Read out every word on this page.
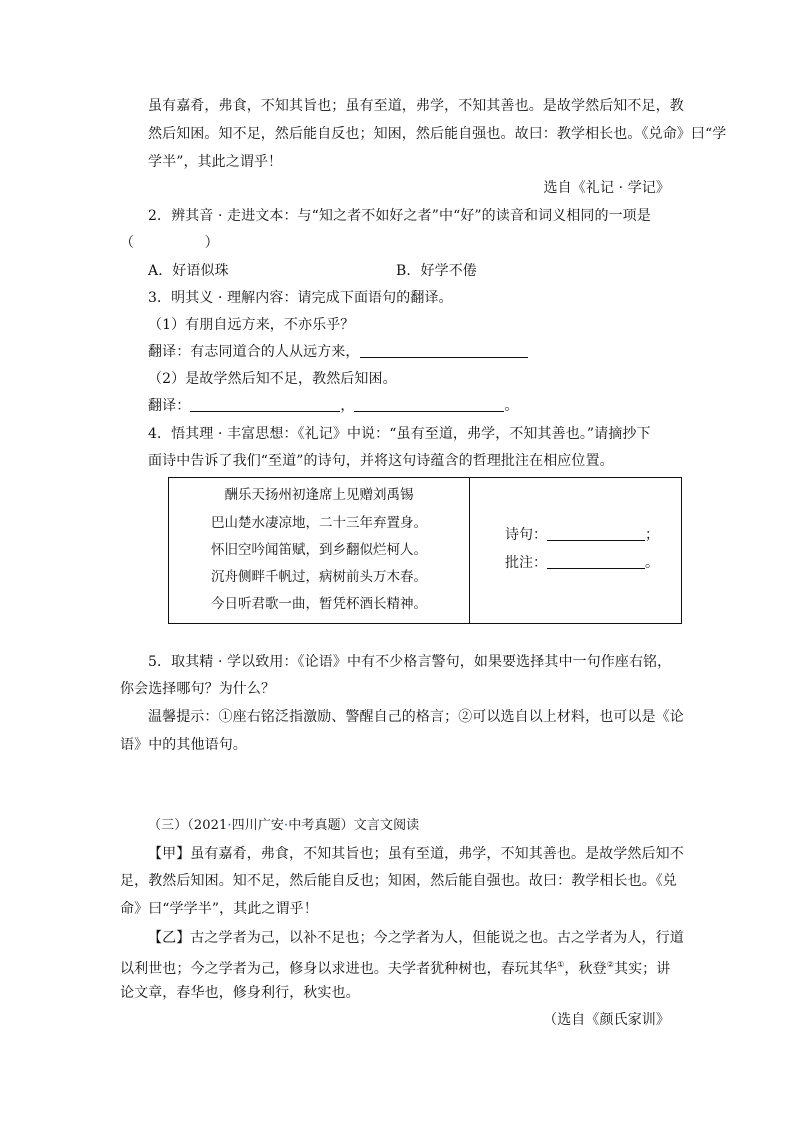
虽有嘉肴，弗食，不知其旨也；虽有至道，弗学，不知其善也。是故学然后知不足，教
然后知困。知不足，然后能自反也；知困，然后能自强也。故曰：教学相长也。《兑命》曰“学
学半”，其此之谓乎！
选自《礼记 · 学记》
2．辨其音 · 走进文本：与“知之者不如好之者”中“好”的读音和词义相同的一项是
（　　　　　）
A．好语似珠	B．好学不倦
3．明其义 · 理解内容：请完成下面语句的翻译。
（1）有朋自远方来，不亦乐乎？
翻译：有志同道合的人从远方来，
（2）是故学然后知不足，教然后知困。
翻译：	，	。
4．悟其理 · 丰富思想：《礼记》中说：“虽有至道，弗学，不知其善也。”请摘抄下
面诗中告诉了我们“至道”的诗句，并将这句诗蕴含的哲理批注在相应位置。
酬乐天扬州初逢席上见赠刘禹锡
巴山楚水凄凉地，二十三年弃置身。
怀旧空吟闻笛赋，到乡翻似烂柯人。
沉舟侧畔千帆过，病树前头万木春。
今日听君歌一曲，暂凭杯酒长精神。
诗句：	；
批注：	。
5．取其精 · 学以致用：《论语》中有不少格言警句，如果要选择其中一句作座右铭，
你会选择哪句？为什么？
温馨提示：①座右铭泛指激励、警醒自己的格言；②可以选自以上材料，也可以是《论
语》中的其他语句。
（三）（2021·四川广安·中考真题）文言文阅读
【甲】虽有嘉肴，弗食，不知其旨也；虽有至道，弗学，不知其善也。是故学然后知不
足，教然后知困。知不足，然后能自反也；知困，然后能自强也。故曰：教学相长也。《兑
命》曰“学学半”，其此之谓乎！
【乙】古之学者为己，以补不足也；今之学者为人，但能说之也。古之学者为人，行道
以利世也；今之学者为己，修身以求进也。夫学者犹种树也，春玩其华①，秋登②其实；讲
论文章，春华也，修身利行，秋实也。
（选自《颜氏家训》
